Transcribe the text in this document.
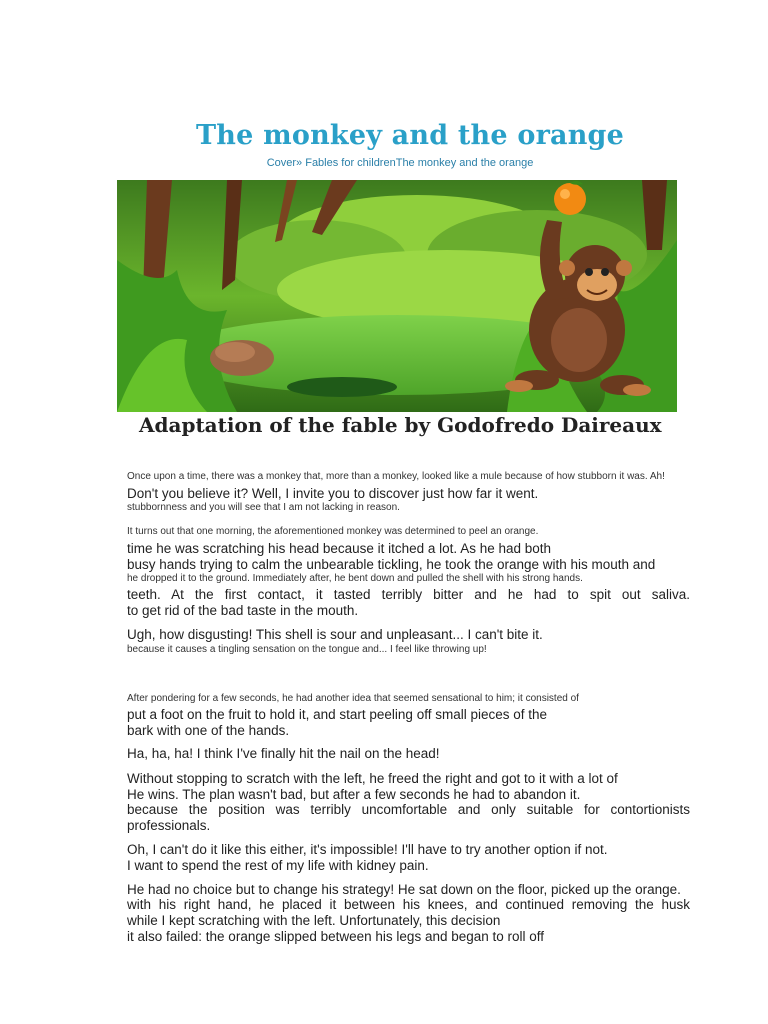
The monkey and the orange
Cover» Fables for childrenThe monkey and the orange
Adaptation of the fable by Godofredo Daireaux
Once upon a time, there was a monkey that, more than a monkey, looked like a mule because of how stubborn it was. Ah!
Don't you believe it? Well, I invite you to discover just how far it went.
stubbornness and you will see that I am not lacking in reason.
It turns out that one morning, the aforementioned monkey was determined to peel an orange.
time he was scratching his head because it itched a lot. As he had both
busy hands trying to calm the unbearable tickling, he took the orange with his mouth and
he dropped it to the ground. Immediately after, he bent down and pulled the shell with his strong hands.
teeth. At the first contact, it tasted terribly bitter and he had to spit out saliva.
to get rid of the bad taste in the mouth.
Ugh, how disgusting! This shell is sour and unpleasant... I can't bite it.
because it causes a tingling sensation on the tongue and... I feel like throwing up!
After pondering for a few seconds, he had another idea that seemed sensational to him; it consisted of
put a foot on the fruit to hold it, and start peeling off small pieces of the
bark with one of the hands.
Ha, ha, ha! I think I've finally hit the nail on the head!
Without stopping to scratch with the left, he freed the right and got to it with a lot of
He wins. The plan wasn't bad, but after a few seconds he had to abandon it.
because the position was terribly uncomfortable and only suitable for contortionists
professionals.
Oh, I can't do it like this either, it's impossible! I'll have to try another option if not.
I want to spend the rest of my life with kidney pain.
He had no choice but to change his strategy! He sat down on the floor, picked up the orange.
with his right hand, he placed it between his knees, and continued removing the husk
while I kept scratching with the left. Unfortunately, this decision
it also failed: the orange slipped between his legs and began to roll off
